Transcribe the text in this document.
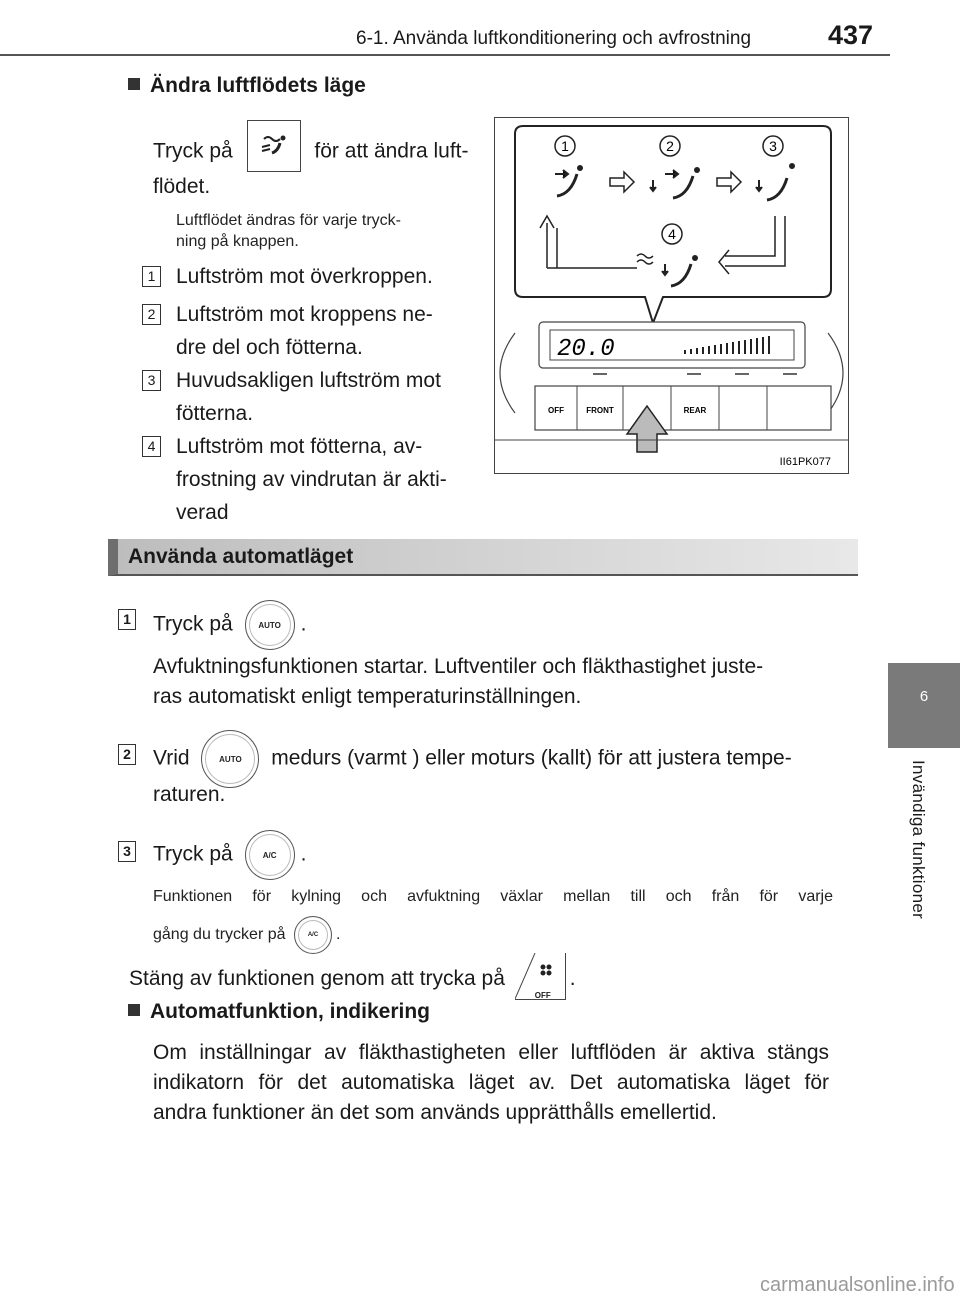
6-1. Använda luftkonditionering och avfrostning	437
6
Invändiga funktioner
Ändra luftflödets läge
Tryck på	för att ändra luft-
flödet.
Luftflödet ändras för varje tryck-
ning på knappen.
1 Luftström mot överkroppen.
2 Luftström mot kroppens ne-
dre del och fötterna.
3 Huvudsakligen luftström mot
fötterna.
4 Luftström mot fötterna, av-
frostning av vindrutan är akti-
verad
1	2	3
4
20.0
OFF	FRONT	REAR
II61PK077
Använda automatläget
1 Tryck på	AUTO .
Avfuktningsfunktionen startar. Luftventiler och fläkthastighet juste-
ras automatiskt enligt temperaturinställningen.
2 Vrid	AUTO medurs (varmt ) eller moturs (kallt) för att justera tempe-
raturen.
3 Tryck på	A/C .
Funktionen för kylning och avfuktning växlar mellan till och från för varje
gång du trycker på	A/C .
Stäng av funktionen genom att trycka på
OFF
.
Automatfunktion, indikering
Om inställningar av fläkthastigheten eller luftflöden är aktiva stängs
indikatorn för det automatiska läget av. Det automatiska läget för
andra funktioner än det som används upprätthålls emellertid.
carmanualsonline.info
